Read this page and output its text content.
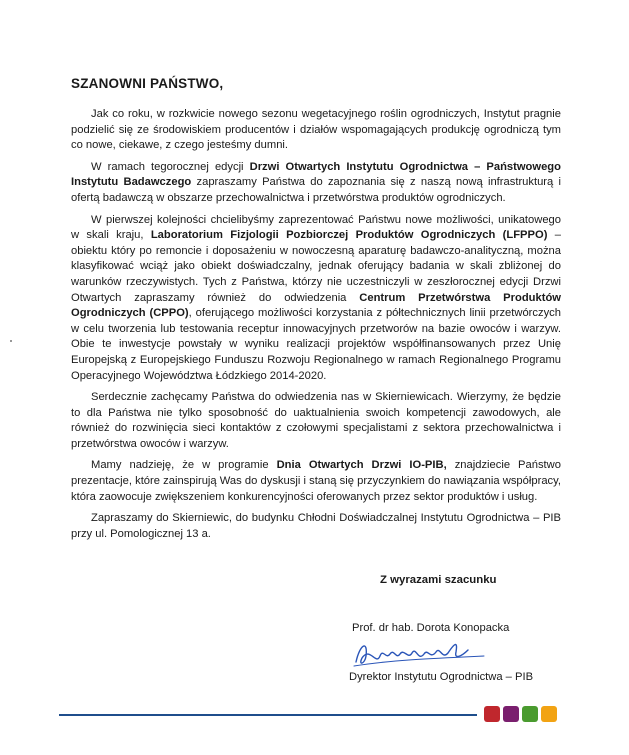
SZANOWNI PAŃSTWO,

Jak co roku, w rozkwicie nowego sezonu wegetacyjnego roślin ogrodniczych, Instytut pragnie podzielić się ze środowiskiem producentów i działów wspomagających produkcję ogrodniczą tym co nowe, ciekawe, z czego jesteśmy dumni.

W ramach tegorocznej edycji Drzwi Otwartych Instytutu Ogrodnictwa – Państwowego Instytutu Badawczego zapraszamy Państwa do zapoznania się z naszą nową infrastrukturą i ofertą badawczą w obszarze przechowalnictwa i przetwórstwa produktów ogrodniczych.

W pierwszej kolejności chcielibyśmy zaprezentować Państwu nowe możliwości, unikatowego w skali kraju, Laboratorium Fizjologii Pozbiorczej Produktów Ogrodniczych (LFPPO) – obiektu który po remoncie i doposażeniu w nowoczesną aparaturę badawczo-analityczną, można klasyfikować wciąż jako obiekt doświadczalny, jednak oferujący badania w skali zbliżonej do warunków rzeczywistych. Tych z Państwa, którzy nie uczestniczyli w zeszłorocznej edycji Drzwi Otwartych zapraszamy również do odwiedzenia Centrum Przetwórstwa Produktów Ogrodniczych (CPPO), oferującego możliwości korzystania z półtechnicznych linii przetwórczych w celu tworzenia lub testowania receptur innowacyjnych przetworów na bazie owoców i warzyw. Obie te inwestycje powstały w wyniku realizacji projektów współfinansowanych przez Unię Europejską z Europejskiego Funduszu Rozwoju Regionalnego w ramach Regionalnego Programu Operacyjnego Województwa Łódzkiego 2014-2020.

Serdecznie zachęcamy Państwa do odwiedzenia nas w Skierniewicach. Wierzymy, że będzie to dla Państwa nie tylko sposobność do uaktualnienia swoich kompetencji zawodowych, ale również do rozwinięcia sieci kontaktów z czołowymi specjalistami z sektora przechowalnictwa i przetwórstwa owoców i warzyw.

Mamy nadzieję, że w programie Dnia Otwartych Drzwi IO-PIB, znajdziecie Państwo prezentacje, które zainspirują Was do dyskusji i staną się przyczynkiem do nawiązania współpracy, która zaowocuje zwiększeniem konkurencyjności oferowanych przez sektor produktów i usług.

Zapraszamy do Skierniewic, do budynku Chłodni Doświadczalnej Instytutu Ogrodnictwa – PIB przy ul. Pomologicznej 13 a.

Z wyrazami szacunku

Prof. dr hab. Dorota Konopacka

Dyrektor Instytutu Ogrodnictwa – PIB
